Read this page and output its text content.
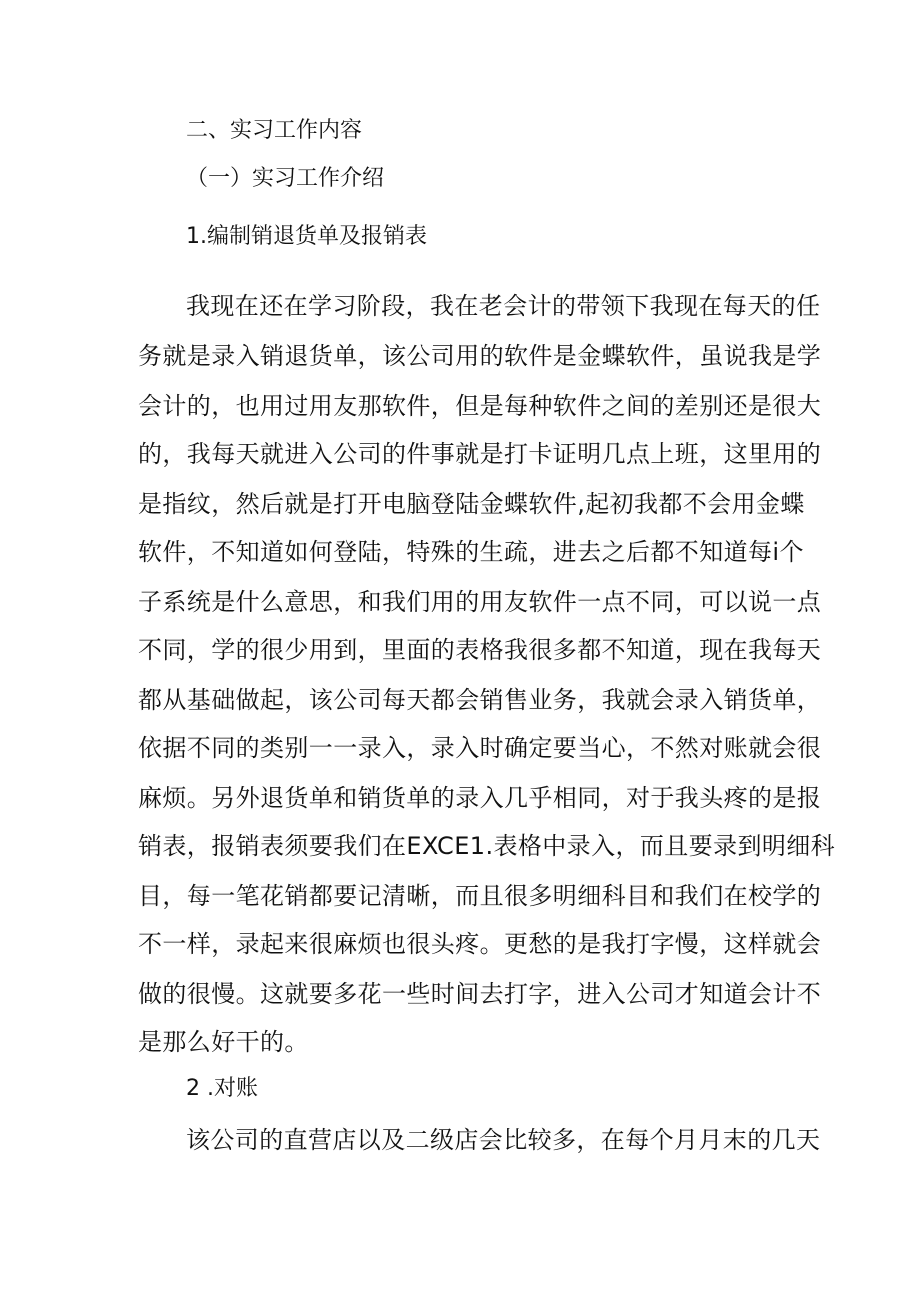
二、实习工作内容
（一）实习工作介绍
1.编制销退货单及报销表
我现在还在学习阶段，我在老会计的带领下我现在每天的任
务就是录入销退货单，该公司用的软件是金蝶软件，虽说我是学
会计的，也用过用友那软件，但是每种软件之间的差别还是很大
的，我每天就进入公司的件事就是打卡证明几点上班，这里用的
是指纹，然后就是打开电脑登陆金蝶软件,起初我都不会用金蝶
软件，不知道如何登陆，特殊的生疏，进去之后都不知道每i个
子系统是什么意思，和我们用的用友软件一点不同，可以说一点
不同，学的很少用到，里面的表格我很多都不知道，现在我每天
都从基础做起，该公司每天都会销售业务，我就会录入销货单，
依据不同的类别一一录入，录入时确定要当心，不然对账就会很
麻烦。另外退货单和销货单的录入几乎相同，对于我头疼的是报
销表，报销表须要我们在EXCE1.表格中录入，而且要录到明细科
目，每一笔花销都要记清晰，而且很多明细科目和我们在校学的
不一样，录起来很麻烦也很头疼。更愁的是我打字慢，这样就会
做的很慢。这就要多花一些时间去打字，进入公司才知道会计不
是那么好干的。
2 .对账
该公司的直营店以及二级店会比较多，在每个月月末的几天
